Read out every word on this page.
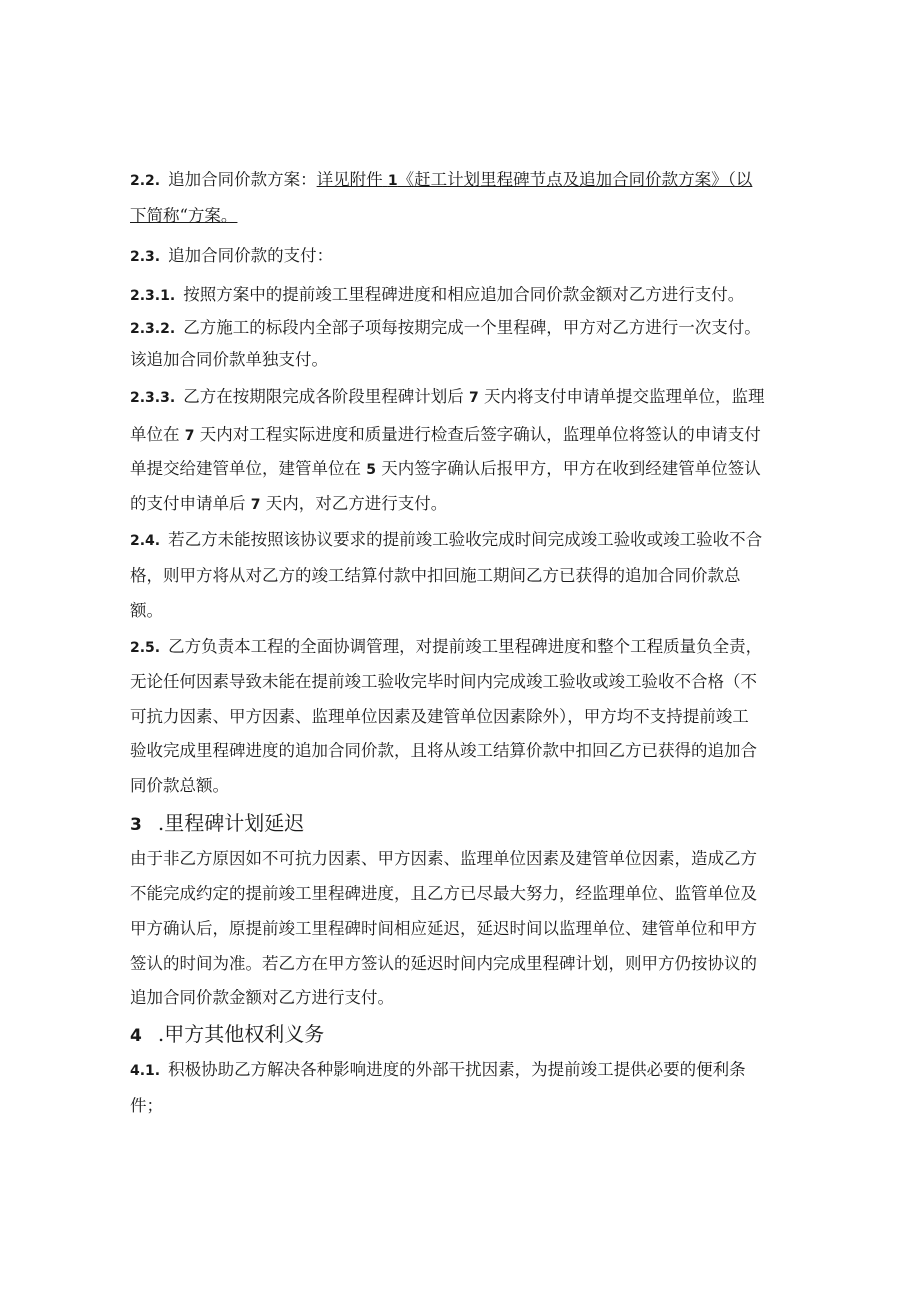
2.2. 追加合同价款方案：详见附件 1《赶工计划里程碑节点及追加合同价款方案》（以
下简称“方案。
2.3. 追加合同价款的支付：
2.3.1. 按照方案中的提前竣工里程碑进度和相应追加合同价款金额对乙方进行支付。
2.3.2. 乙方施工的标段内全部子项每按期完成一个里程碑，甲方对乙方进行一次支付。
该追加合同价款单独支付。
2.3.3. 乙方在按期限完成各阶段里程碑计划后 7 天内将支付申请单提交监理单位，监理
单位在 7 天内对工程实际进度和质量进行检查后签字确认，监理单位将签认的申请支付
单提交给建管单位，建管单位在 5 天内签字确认后报甲方，甲方在收到经建管单位签认
的支付申请单后 7 天内，对乙方进行支付。
2.4. 若乙方未能按照该协议要求的提前竣工验收完成时间完成竣工验收或竣工验收不合
格，则甲方将从对乙方的竣工结算付款中扣回施工期间乙方已获得的追加合同价款总
额。
2.5. 乙方负责本工程的全面协调管理，对提前竣工里程碑进度和整个工程质量负全责，
无论任何因素导致未能在提前竣工验收完毕时间内完成竣工验收或竣工验收不合格（不
可抗力因素、甲方因素、监理单位因素及建管单位因素除外），甲方均不支持提前竣工
验收完成里程碑进度的追加合同价款，且将从竣工结算价款中扣回乙方已获得的追加合
同价款总额。
3 .里程碑计划延迟
由于非乙方原因如不可抗力因素、甲方因素、监理单位因素及建管单位因素，造成乙方
不能完成约定的提前竣工里程碑进度，且乙方已尽最大努力，经监理单位、监管单位及
甲方确认后，原提前竣工里程碑时间相应延迟，延迟时间以监理单位、建管单位和甲方
签认的时间为准。若乙方在甲方签认的延迟时间内完成里程碑计划，则甲方仍按协议的
追加合同价款金额对乙方进行支付。
4 .甲方其他权利义务
4.1. 积极协助乙方解决各种影响进度的外部干扰因素，为提前竣工提供必要的便利条
件；
